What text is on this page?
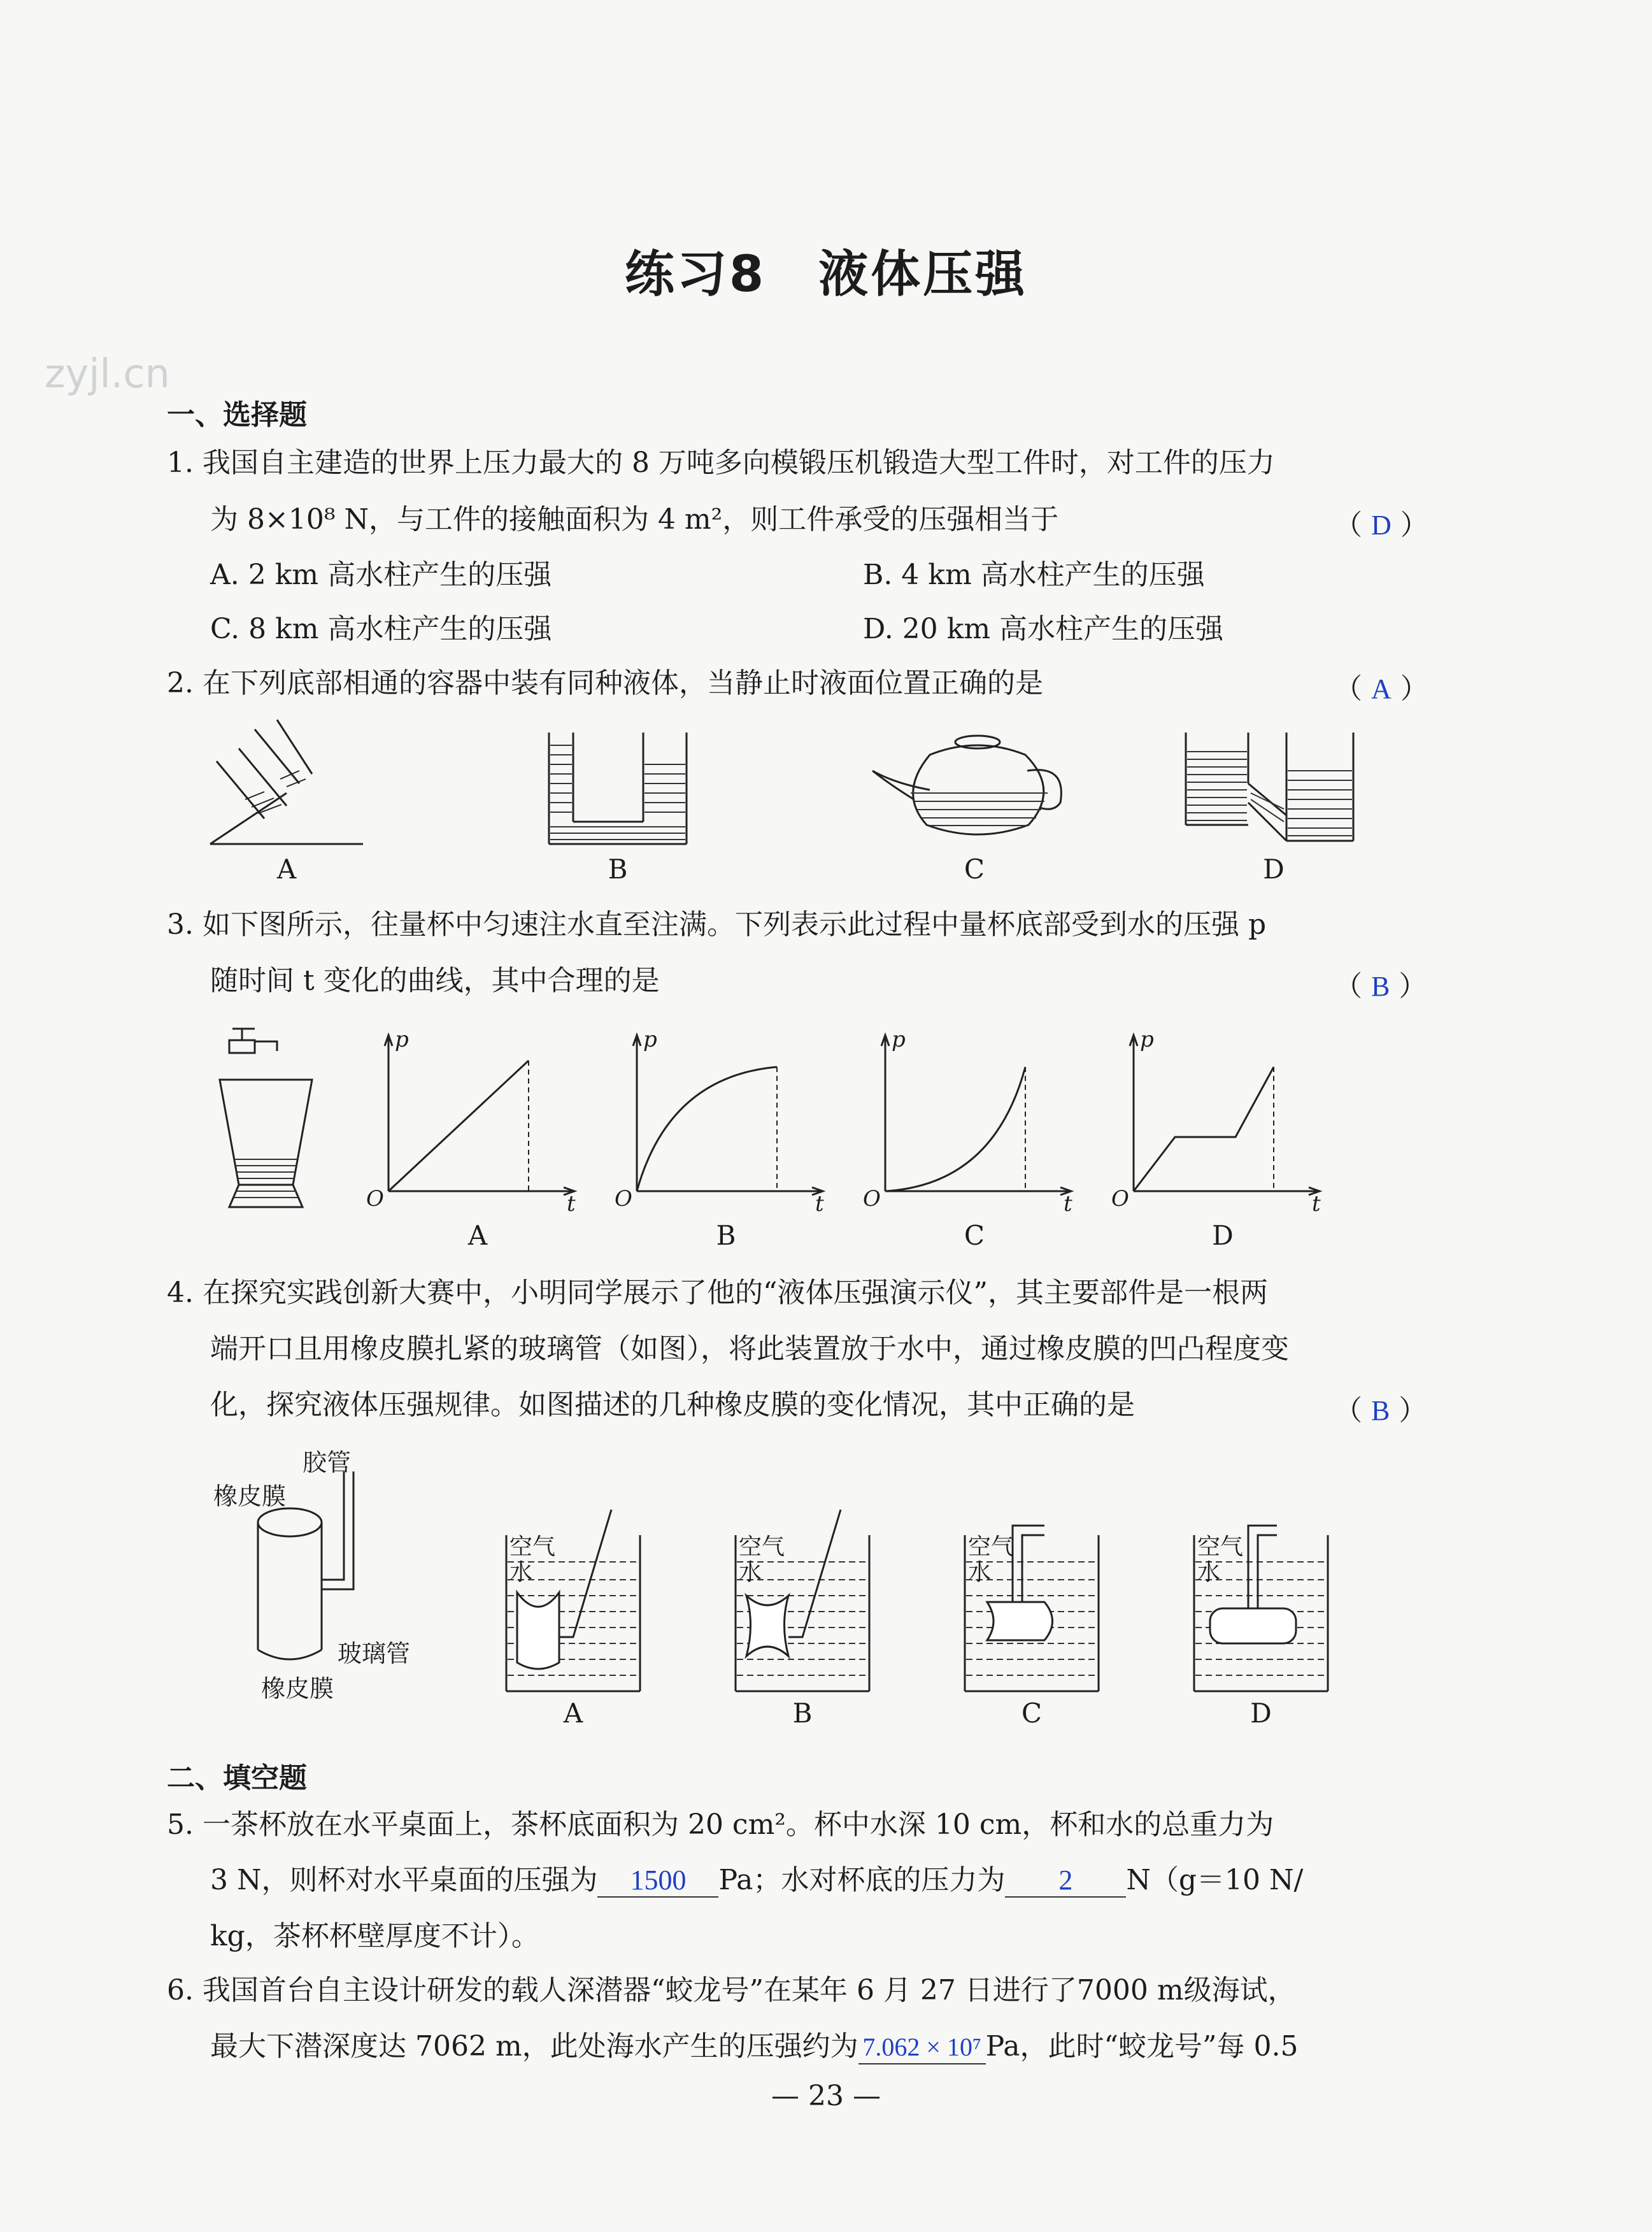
练习8　液体压强
zyjl.cn
一、选择题
1. 我国自主建造的世界上压力最大的 8 万吨多向模锻压机锻造大型工件时，对工件的压力
为 8×10⁸ N，与工件的接触面积为 4 m²，则工件承受的压强相当于	（ D ）
A. 2 km 高水柱产生的压强	B. 4 km 高水柱产生的压强
C. 8 km 高水柱产生的压强	D. 20 km 高水柱产生的压强
2. 在下列底部相通的容器中装有同种液体，当静止时液面位置正确的是	（ A ）
A	B	C	D
3. 如下图所示，往量杯中匀速注水直至注满。下列表示此过程中量杯底部受到水的压强 p
随时间 t 变化的曲线，其中合理的是	（ B ）
p
O	t
A
p
O	t
B
p
O	t
C
p
O	t
D
4. 在探究实践创新大赛中，小明同学展示了他的“液体压强演示仪”，其主要部件是一根两
端开口且用橡皮膜扎紧的玻璃管（如图），将此装置放于水中，通过橡皮膜的凹凸程度变
化，探究液体压强规律。如图描述的几种橡皮膜的变化情况，其中正确的是	（ B ）
胶管
橡皮膜
玻璃管
橡皮膜
空气
水
A
空气
水
B
空气
水
C
空气
水
D
二、填空题
5. 一茶杯放在水平桌面上，茶杯底面积为 20 cm²。杯中水深 10 cm，杯和水的总重力为
3 N，则杯对水平桌面的压强为 1500 Pa；水对杯底的压力为 2 N（g＝10 N/
kg，茶杯杯壁厚度不计）。
6. 我国首台自主设计研发的载人深潜器“蛟龙号”在某年 6 月 27 日进行了7000 m级海试，
最大下潜深度达 7062 m，此处海水产生的压强约为 7.062 × 10⁷ Pa，此时“蛟龙号”每 0.5
— 23 —
